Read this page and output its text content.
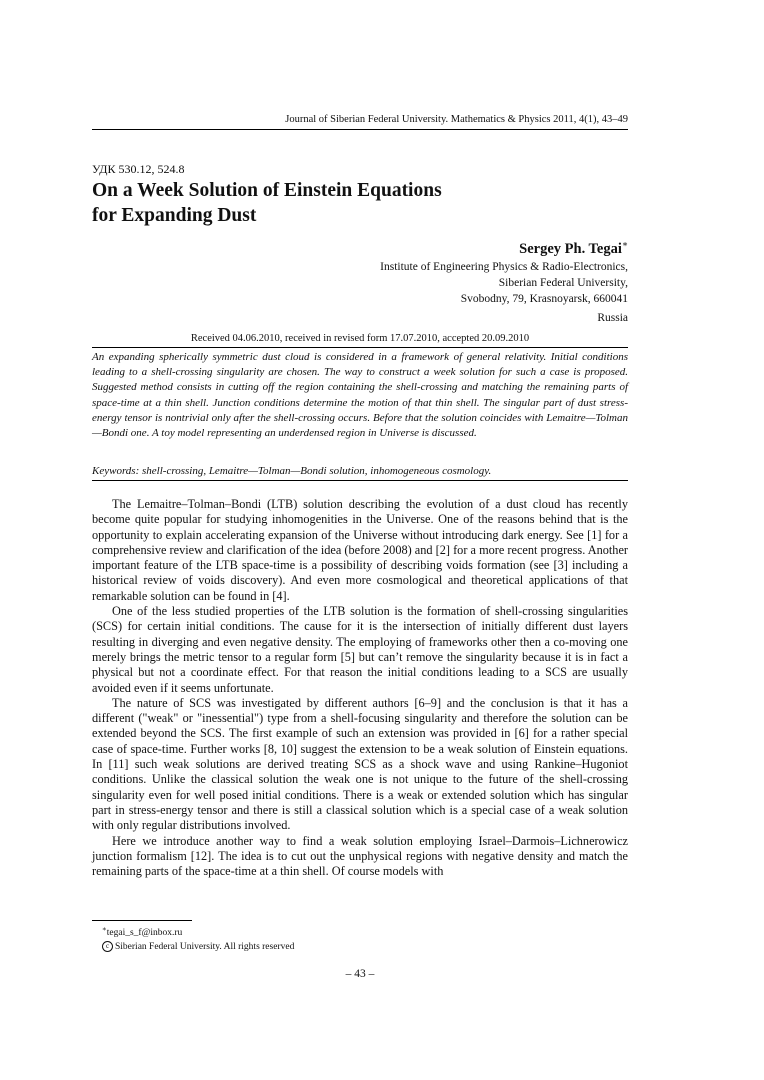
Journal of Siberian Federal University. Mathematics & Physics 2011, 4(1), 43–49
УДК 530.12, 524.8
On a Week Solution of Einstein Equations
for Expanding Dust
Sergey Ph. Tegai∗
Institute of Engineering Physics & Radio-Electronics,
Siberian Federal University,
Svobodny, 79, Krasnoyarsk, 660041
Russia
Received 04.06.2010, received in revised form 17.07.2010, accepted 20.09.2010

An expanding spherically symmetric dust cloud is considered in a framework of general relativity. Initial conditions leading to a shell-crossing singularity are chosen. The way to construct a week solution for such a case is proposed. Suggested method consists in cutting off the region containing the shell-crossing and matching the remaining parts of space-time at a thin shell. Junction conditions determine the motion of that thin shell. The singular part of dust stress-energy tensor is nontrivial only after the shell-crossing occurs. Before that the solution coincides with Lemaitre—Tolman—Bondi one. A toy model representing an underdensed region in Universe is discussed.

Keywords: shell-crossing, Lemaitre—Tolman—Bondi solution, inhomogeneous cosmology.

The Lemaitre–Tolman–Bondi (LTB) solution describing the evolution of a dust cloud has recently become quite popular for studying inhomogenities in the Universe. One of the reasons behind that is the opportunity to explain accelerating expansion of the Universe without introducing dark energy. See [1] for a comprehensive review and clarification of the idea (before 2008) and [2] for a more recent progress. Another important feature of the LTB space-time is a possibility of describing voids formation (see [3] including a historical review of voids discovery). And even more cosmological and theoretical applications of that remarkable solution can be found in [4].

One of the less studied properties of the LTB solution is the formation of shell-crossing singularities (SCS) for certain initial conditions. The cause for it is the intersection of initially different dust layers resulting in diverging and even negative density. The employing of frameworks other then a co-moving one merely brings the metric tensor to a regular form [5] but can’t remove the singularity because it is in fact a physical but not a coordinate effect. For that reason the initial conditions leading to a SCS are usually avoided even if it seems unfortunate.

The nature of SCS was investigated by different authors [6–9] and the conclusion is that it has a different ("weak" or "inessential") type from a shell-focusing singularity and therefore the solution can be extended beyond the SCS. The first example of such an extension was provided in [6] for a rather special case of space-time. Further works [8, 10] suggest the extension to be a weak solution of Einstein equations. In [11] such weak solutions are derived treating SCS as a shock wave and using Rankine–Hugoniot conditions. Unlike the classical solution the weak one is not unique to the future of the shell-crossing singularity even for well posed initial conditions. There is a weak or extended solution which has singular part in stress-energy tensor and there is still a classical solution which is a special case of a weak solution with only regular distributions involved.

Here we introduce another way to find a weak solution employing Israel–Darmois–Lichnerowicz junction formalism [12]. The idea is to cut out the unphysical regions with negative density and match the remaining parts of the space-time at a thin shell. Of course models with

∗tegai_s_f@inbox.ru
c Siberian Federal University. All rights reserved
– 43 –
